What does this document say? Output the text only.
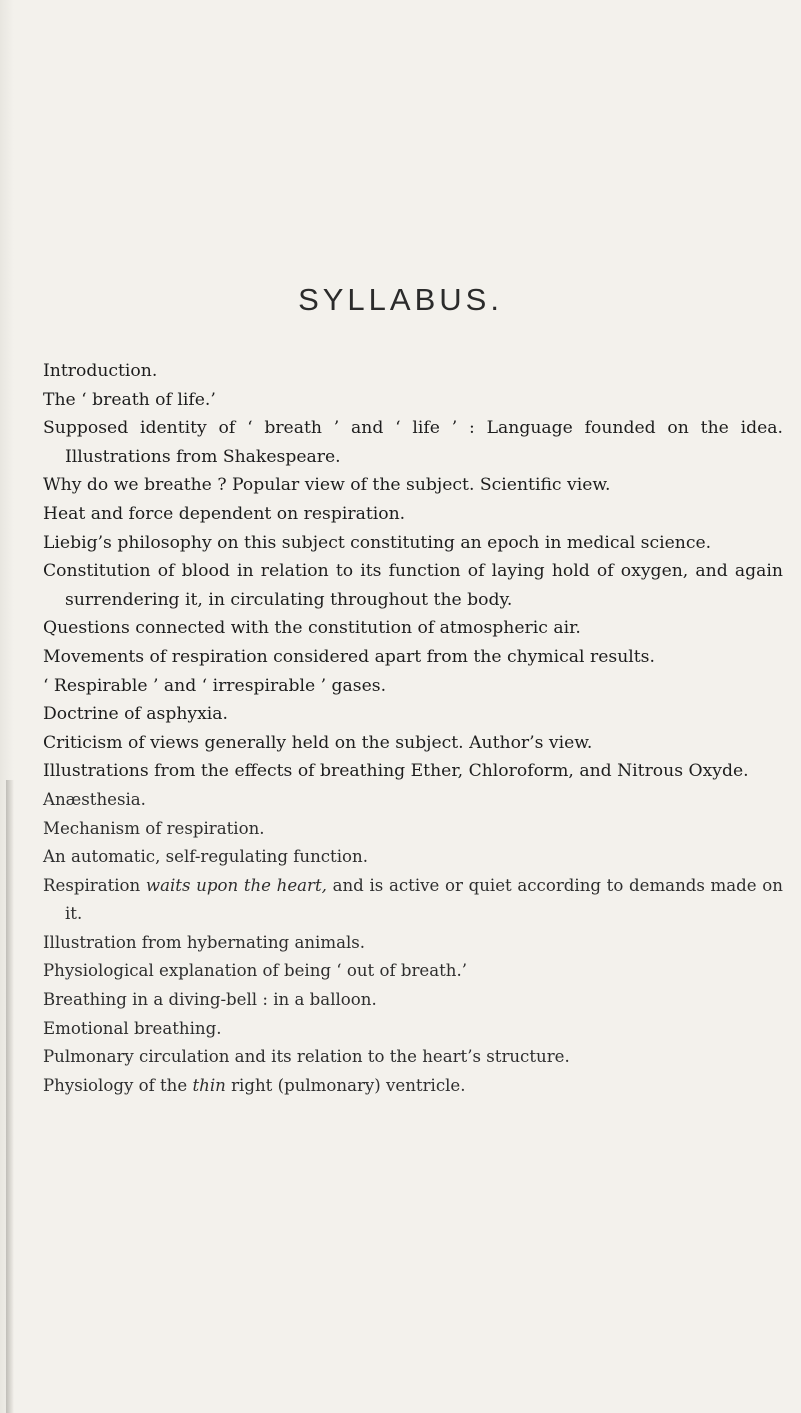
SYLLABUS.
Introduction.
The ‘ breath of life.’
Supposed identity of ‘ breath ’ and ‘ life ’ : Language founded on the idea. Illustrations from Shakespeare.
Why do we breathe ? Popular view of the subject. Scientific view.
Heat and force dependent on respiration.
Liebig’s philosophy on this subject constituting an epoch in medical science.
Constitution of blood in relation to its function of laying hold of oxygen, and again surrendering it, in circulating throughout the body.
Questions connected with the constitution of atmospheric air.
Movements of respiration considered apart from the chymical results.
‘ Respirable ’ and ‘ irrespirable ’ gases.
Doctrine of asphyxia.
Criticism of views generally held on the subject. Author’s view.
Illustrations from the effects of breathing Ether, Chloroform, and Nitrous Oxyde.
Anæsthesia.
Mechanism of respiration.
An automatic, self-regulating function.
Respiration waits upon the heart, and is active or quiet according to demands made on it.
Illustration from hybernating animals.
Physiological explanation of being ‘ out of breath.’
Breathing in a diving-bell : in a balloon.
Emotional breathing.
Pulmonary circulation and its relation to the heart’s structure.
Physiology of the thin right (pulmonary) ventricle.
